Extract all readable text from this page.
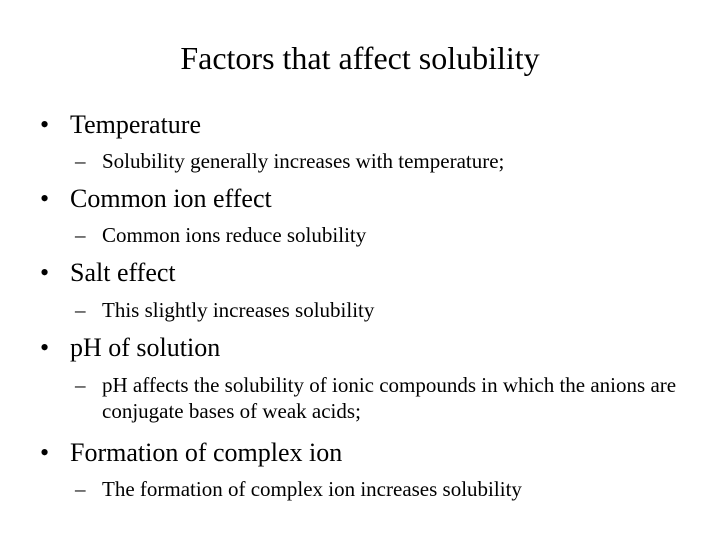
Factors that affect solubility
• Temperature
– Solubility generally increases with temperature;
• Common ion effect
– Common ions reduce solubility
• Salt effect
– This slightly increases solubility
• pH of solution
– pH affects the solubility of ionic compounds in which the anions are conjugate bases of weak acids;
• Formation of complex ion
– The formation of complex ion increases solubility
